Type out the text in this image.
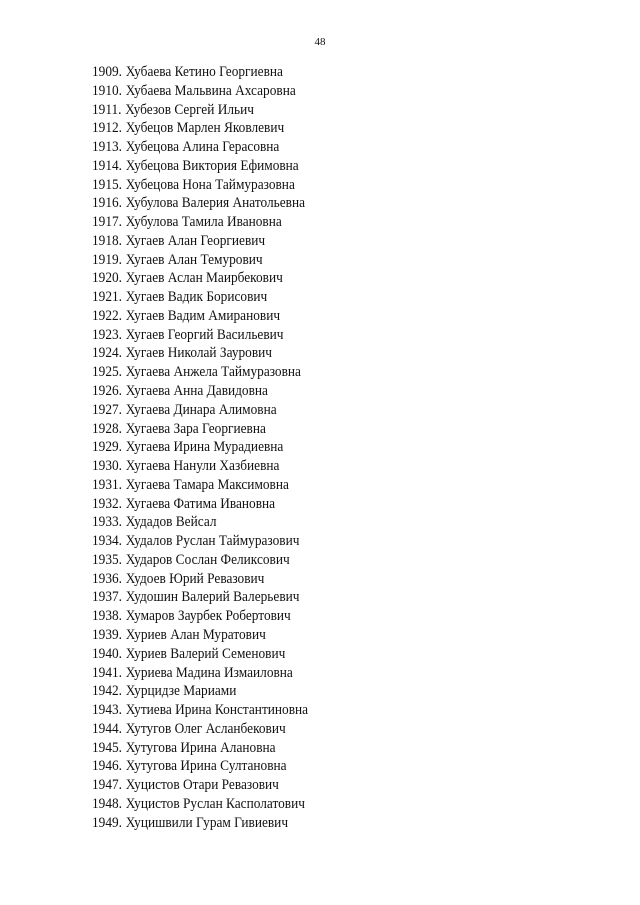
48
1909. Хубаева Кетино Георгиевна
1910. Хубаева Мальвина Ахсаровна
1911. Хубезов Сергей Ильич
1912. Хубецов Марлен Яковлевич
1913. Хубецова Алина Герасовна
1914. Хубецова Виктория Ефимовна
1915. Хубецова Нона Таймуразовна
1916. Хубулова Валерия Анатольевна
1917. Хубулова Тамила Ивановна
1918. Хугаев Алан Георгиевич
1919. Хугаев Алан Темурович
1920. Хугаев Аслан Маирбекович
1921. Хугаев Вадик Борисович
1922. Хугаев Вадим Амиранович
1923. Хугаев Георгий Васильевич
1924. Хугаев Николай Заурович
1925. Хугаева Анжела Таймуразовна
1926. Хугаева Анна Давидовна
1927. Хугаева Динара Алимовна
1928. Хугаева Зара Георгиевна
1929. Хугаева Ирина Мурадиевна
1930. Хугаева Нанули Хазбиевна
1931. Хугаева Тамара Максимовна
1932. Хугаева Фатима Ивановна
1933. Худадов Вейсал
1934. Худалов Руслан Таймуразович
1935. Хударов Сослан Феликсович
1936. Худоев Юрий Ревазович
1937. Худошин Валерий Валерьевич
1938. Хумаров Заурбек Робертович
1939. Хуриев Алан Муратович
1940. Хуриев Валерий Семенович
1941. Хуриева Мадина Измаиловна
1942. Хурцидзе Мариами
1943. Хутиева Ирина Константиновна
1944. Хутугов Олег Асланбекович
1945. Хутугова Ирина Алановна
1946. Хутугова Ирина Султановна
1947. Хуцистов Отари Ревазович
1948. Хуцистов Руслан Касполатович
1949. Хуцишвили Гурам Гивиевич
